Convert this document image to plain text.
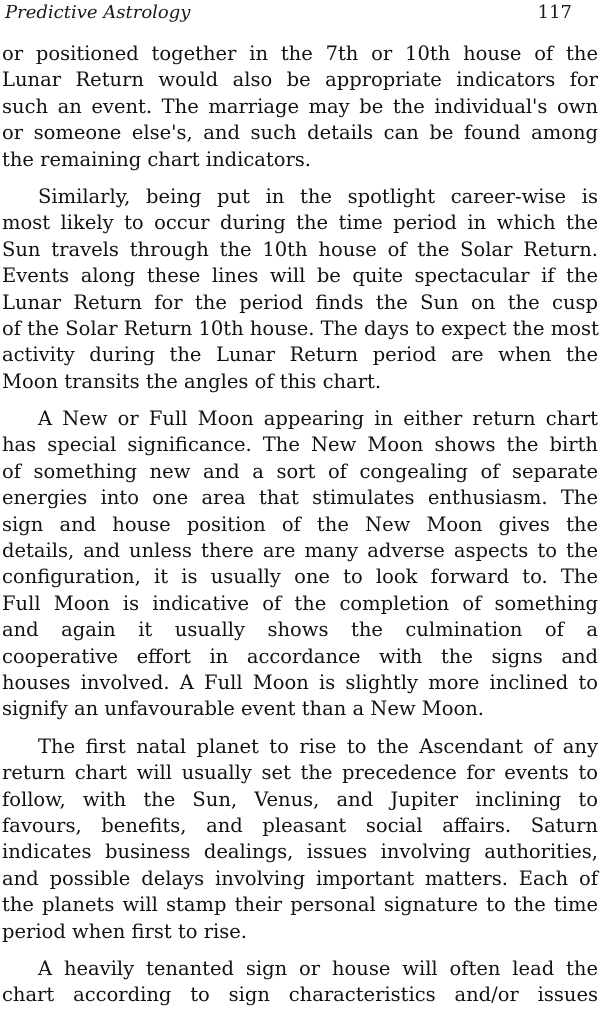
Predictive Astrology	117
or positioned together in the 7th or 10th house of the
Lunar Return would also be appropriate indicators for
such an event. The marriage may be the individual's own
or someone else's, and such details can be found among
the remaining chart indicators.
Similarly, being put in the spotlight career-wise is
most likely to occur during the time period in which the
Sun travels through the 10th house of the Solar Return.
Events along these lines will be quite spectacular if the
Lunar Return for the period finds the Sun on the cusp
of the Solar Return 10th house. The days to expect the most
activity during the Lunar Return period are when the
Moon transits the angles of this chart.
A New or Full Moon appearing in either return chart
has special significance. The New Moon shows the birth
of something new and a sort of congealing of separate
energies into one area that stimulates enthusiasm. The
sign and house position of the New Moon gives the
details, and unless there are many adverse aspects to the
configuration, it is usually one to look forward to. The
Full Moon is indicative of the completion of something
and again it usually shows the culmination of a
cooperative effort in accordance with the signs and
houses involved. A Full Moon is slightly more inclined to
signify an unfavourable event than a New Moon.
The first natal planet to rise to the Ascendant of any
return chart will usually set the precedence for events to
follow, with the Sun, Venus, and Jupiter inclining to
favours, benefits, and pleasant social affairs. Saturn
indicates business dealings, issues involving authorities,
and possible delays involving important matters. Each of
the planets will stamp their personal signature to the time
period when first to rise.
A heavily tenanted sign or house will often lead the
chart according to sign characteristics and/or issues
